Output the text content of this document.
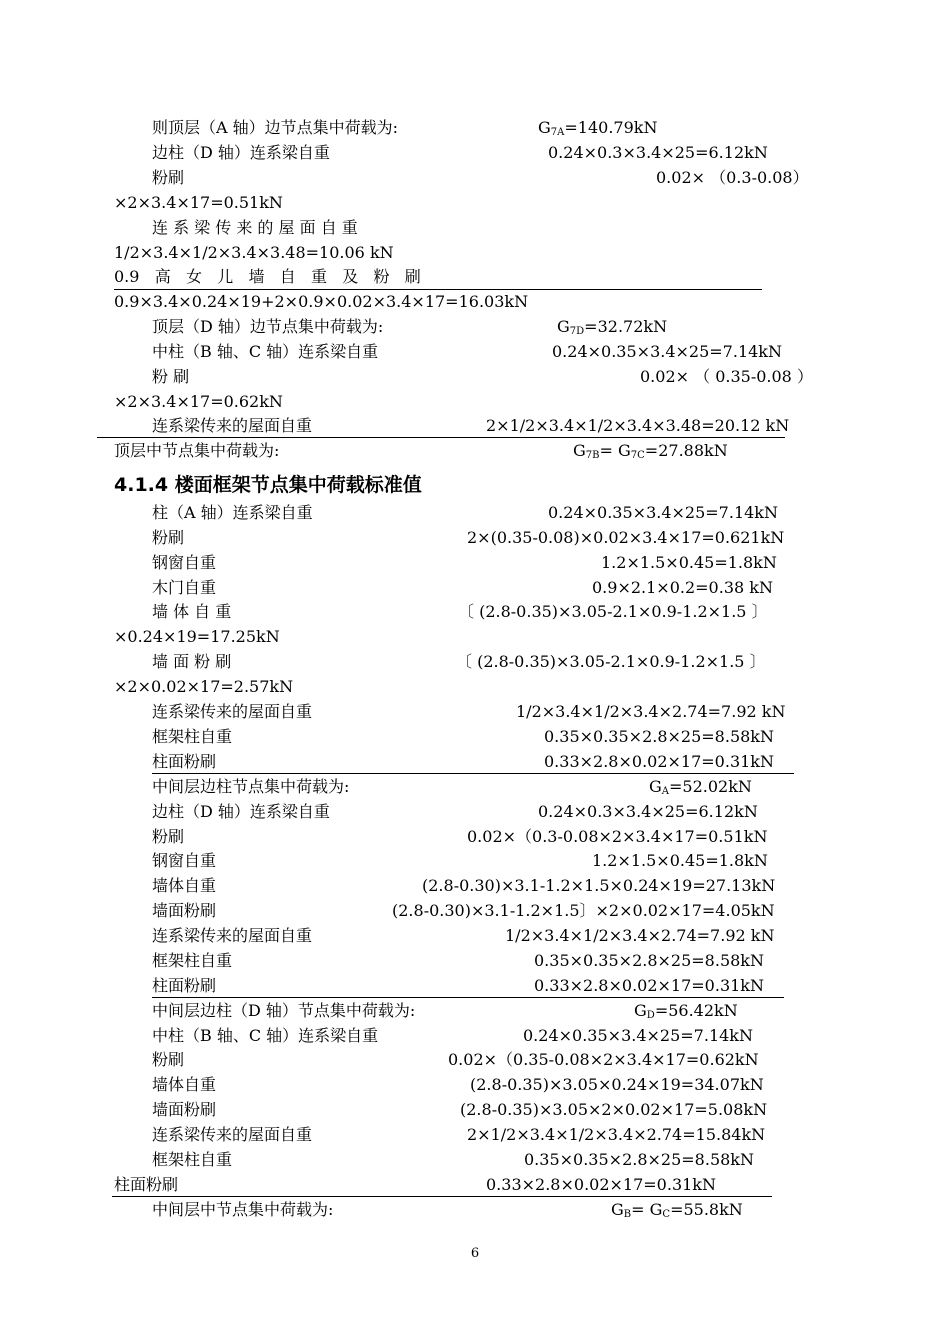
则顶层（A 轴）边节点集中荷载为:	$G_{7A}=140.79kN$
边柱（D 轴）连系梁自重	0.24×0.3×3.4×25=6.12kN
粉刷	0.02× （0.3-0.08）
×2×3.4×17=0.51kN
连 系 梁 传 来 的 屋 面 自 重
1/2×3.4×1/2×3.4×3.48=10.06 kN
0.9   高   女   儿   墙   自   重   及   粉   刷
0.9×3.4×0.24×19+2×0.9×0.02×3.4×17=16.03kN
顶层（D 轴）边节点集中荷载为:	$G_{7D}=32.72kN$
中柱（B 轴、C 轴）连系梁自重	0.24×0.35×3.4×25=7.14kN
粉 刷	0.02× （ 0.35-0.08 ）
×2×3.4×17=0.62kN
连系梁传来的屋面自重	2×1/2×3.4×1/2×3.4×3.48=20.12 kN
顶层中节点集中荷载为:	$G_{7B}= G_{7C}=27.88kN$
4.1.4 楼面框架节点集中荷载标准值
柱（A 轴）连系梁自重	0.24×0.35×3.4×25=7.14kN
粉刷	2×(0.35-0.08)×0.02×3.4×17=0.621kN
钢窗自重	1.2×1.5×0.45=1.8kN
木门自重	0.9×2.1×0.2=0.38 kN
墙 体 自 重	〔 (2.8-0.35)×3.05-2.1×0.9-1.2×1.5 〕
×0.24×19=17.25kN
墙 面 粉 刷	〔 (2.8-0.35)×3.05-2.1×0.9-1.2×1.5 〕
×2×0.02×17=2.57kN
连系梁传来的屋面自重	1/2×3.4×1/2×3.4×2.74=7.92 kN
框架柱自重	0.35×0.35×2.8×25=8.58kN
柱面粉刷	0.33×2.8×0.02×17=0.31kN
中间层边柱节点集中荷载为:	$G_A=52.02kN$
边柱（D 轴）连系梁自重	0.24×0.3×3.4×25=6.12kN
粉刷	0.02×（0.3-0.08×2×3.4×17=0.51kN
钢窗自重	1.2×1.5×0.45=1.8kN
墙体自重	(2.8-0.30)×3.1-1.2×1.5×0.24×19=27.13kN
墙面粉刷	(2.8-0.30)×3.1-1.2×1.5〕×2×0.02×17=4.05kN
连系梁传来的屋面自重	1/2×3.4×1/2×3.4×2.74=7.92 kN
框架柱自重	0.35×0.35×2.8×25=8.58kN
柱面粉刷	0.33×2.8×0.02×17=0.31kN
中间层边柱（D 轴）节点集中荷载为:	$G_D=56.42kN$
中柱（B 轴、C 轴）连系梁自重	0.24×0.35×3.4×25=7.14kN
粉刷	0.02×（0.35-0.08×2×3.4×17=0.62kN
墙体自重	(2.8-0.35)×3.05×0.24×19=34.07kN
墙面粉刷	(2.8-0.35)×3.05×2×0.02×17=5.08kN
连系梁传来的屋面自重	2×1/2×3.4×1/2×3.4×2.74=15.84kN
框架柱自重	0.35×0.35×2.8×25=8.58kN
柱面粉刷	0.33×2.8×0.02×17=0.31kN
中间层中节点集中荷载为:	$G_B= G_C=55.8kN$
6
